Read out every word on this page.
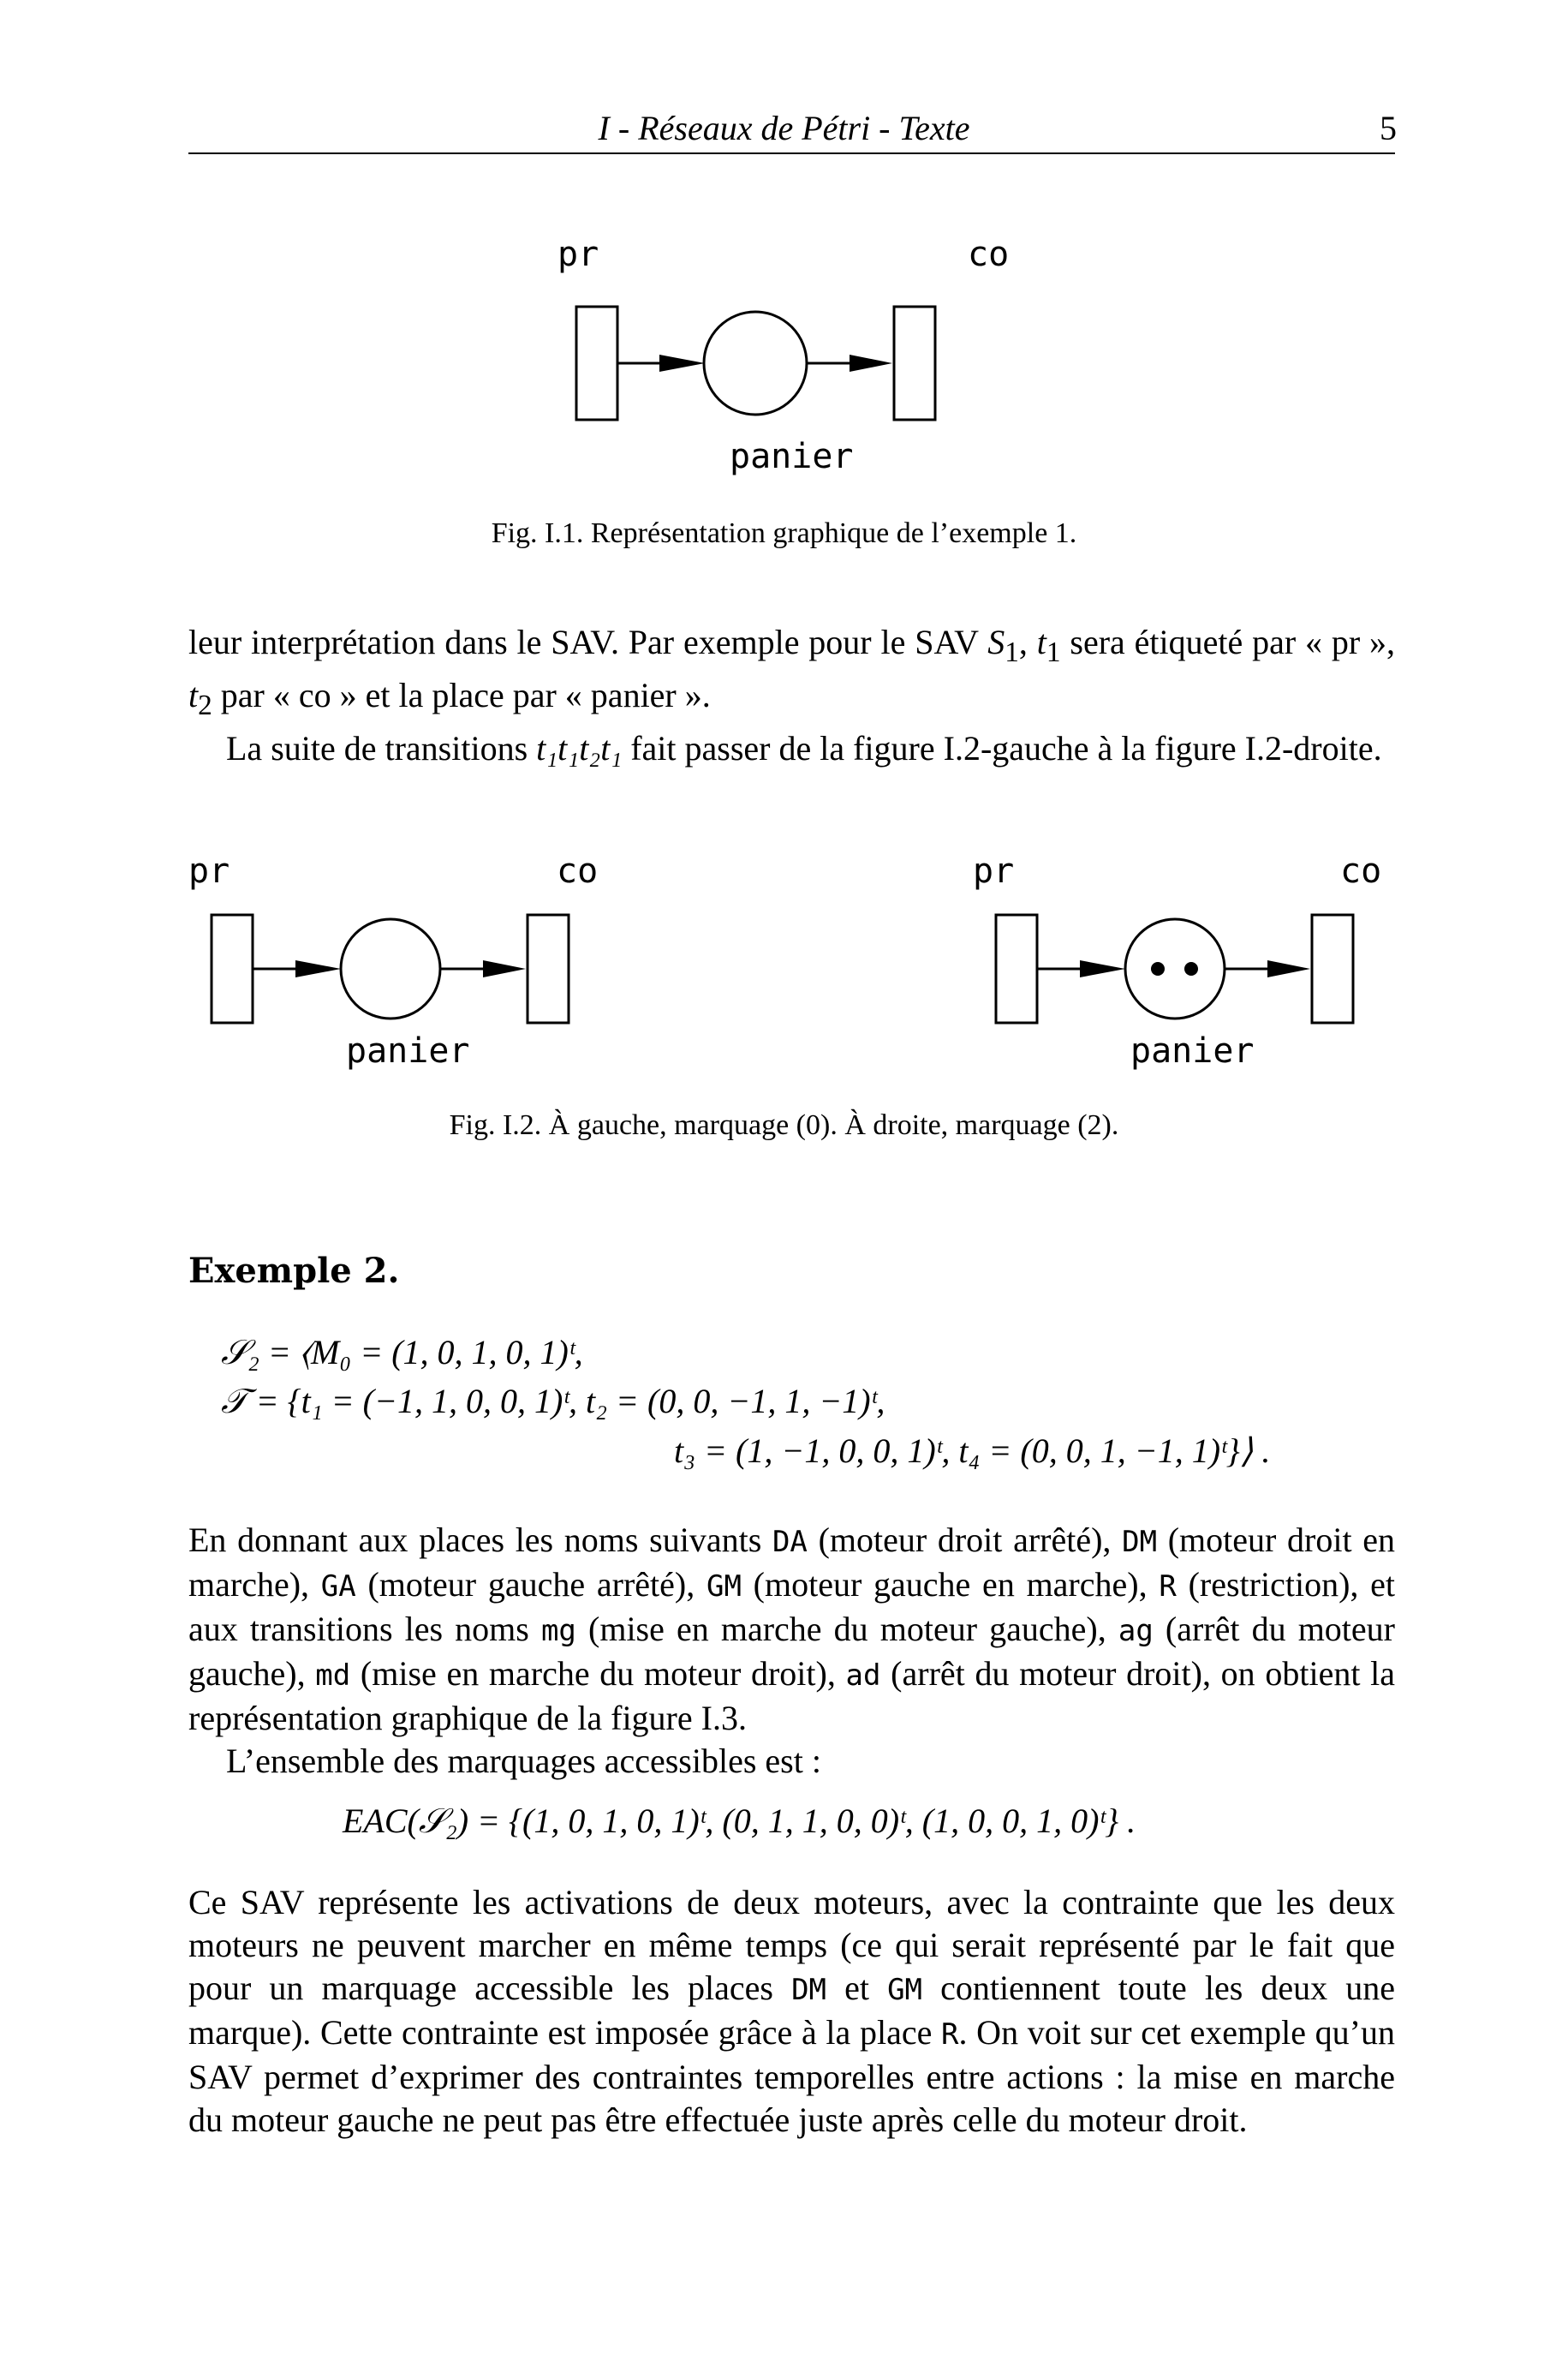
I - Réseaux de Pétri - Texte	5
pr	co
panier
Fig. I.1. Représentation graphique de l’exemple 1.

leur interprétation dans le SAV. Par exemple pour le SAV $S_1$, $t_1$ sera étiqueté par « pr », $t_2$ par « co » et la place par « panier ».

La suite de transitions t₁t₁t₂t₁ fait passer de la figure I.2-gauche à la figure I.2-droite.

pr	co
panier
pr	co
panier
Fig. I.2. À gauche, marquage (0). À droite, marquage (2).
Exemple 2.
𝒮₂ = ⟨M₀ = (1, 0, 1, 0, 1)ᵗ,
𝒯 = {t₁ = (−1, 1, 0, 0, 1)ᵗ, t₂ = (0, 0, −1, 1, −1)ᵗ,
t₃ = (1, −1, 0, 0, 1)ᵗ, t₄ = (0, 0, 1, −1, 1)ᵗ}⟩ .

En donnant aux places les noms suivants DA (moteur droit arrêté), DM (moteur droit en marche), GA (moteur gauche arrêté), GM (moteur gauche en marche), R (restriction), et aux transitions les noms mg (mise en marche du moteur gauche), ag (arrêt du moteur gauche), md (mise en marche du moteur droit), ad (arrêt du moteur droit), on obtient la représentation graphique de la figure I.3.

L’ensemble des marquages accessibles est :

EAC(𝒮₂) = {(1, 0, 1, 0, 1)ᵗ, (0, 1, 1, 0, 0)ᵗ, (1, 0, 0, 1, 0)ᵗ} .

Ce SAV représente les activations de deux moteurs, avec la contrainte que les deux moteurs ne peuvent marcher en même temps (ce qui serait représenté par le fait que pour un marquage accessible les places DM et GM contiennent toute les deux une marque). Cette contrainte est imposée grâce à la place R. On voit sur cet exemple qu’un SAV permet d’exprimer des contraintes temporelles entre actions : la mise en marche du moteur gauche ne peut pas être effectuée juste après celle du moteur droit.
